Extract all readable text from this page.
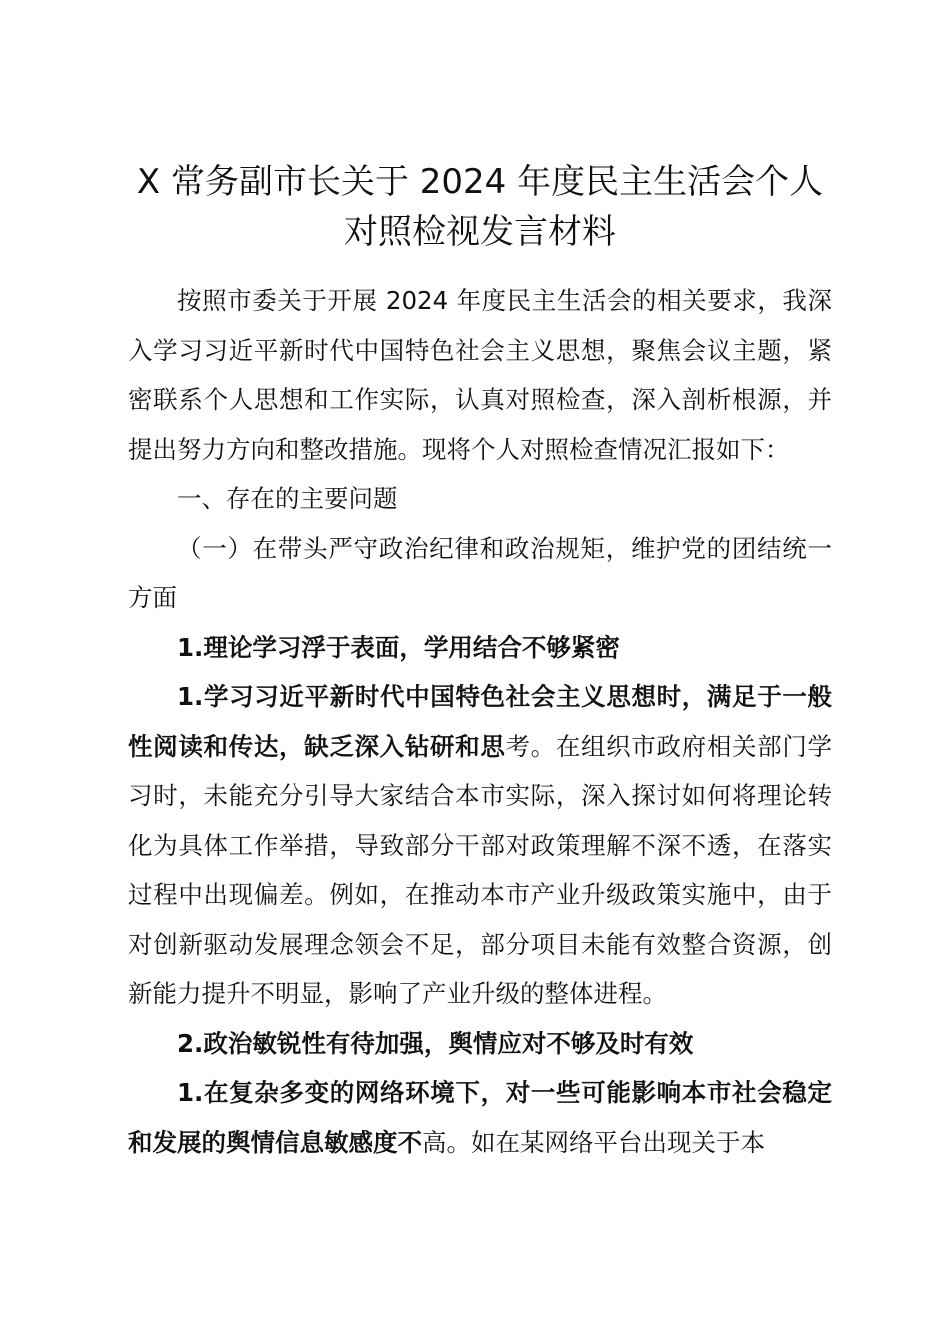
X 常务副市长关于 2024 年度民主生活会个人
对照检视发言材料

按照市委关于开展 2024 年度民主生活会的相关要求，我深入学习习近平新时代中国特色社会主义思想，聚焦会议主题，紧密联系个人思想和工作实际，认真对照检查，深入剖析根源，并提出努力方向和整改措施。现将个人对照检查情况汇报如下：

一、存在的主要问题

（一）在带头严守政治纪律和政治规矩，维护党的团结统一方面

1.理论学习浮于表面，学用结合不够紧密

1.学习习近平新时代中国特色社会主义思想时，满足于一般性阅读和传达，缺乏深入钻研和思考。在组织市政府相关部门学习时，未能充分引导大家结合本市实际，深入探讨如何将理论转化为具体工作举措，导致部分干部对政策理解不深不透，在落实过程中出现偏差。例如，在推动本市产业升级政策实施中，由于对创新驱动发展理念领会不足，部分项目未能有效整合资源，创新能力提升不明显，影响了产业升级的整体进程。

2.政治敏锐性有待加强，舆情应对不够及时有效

1.在复杂多变的网络环境下，对一些可能影响本市社会稳定和发展的舆情信息敏感度不高。如在某网络平台出现关于本
